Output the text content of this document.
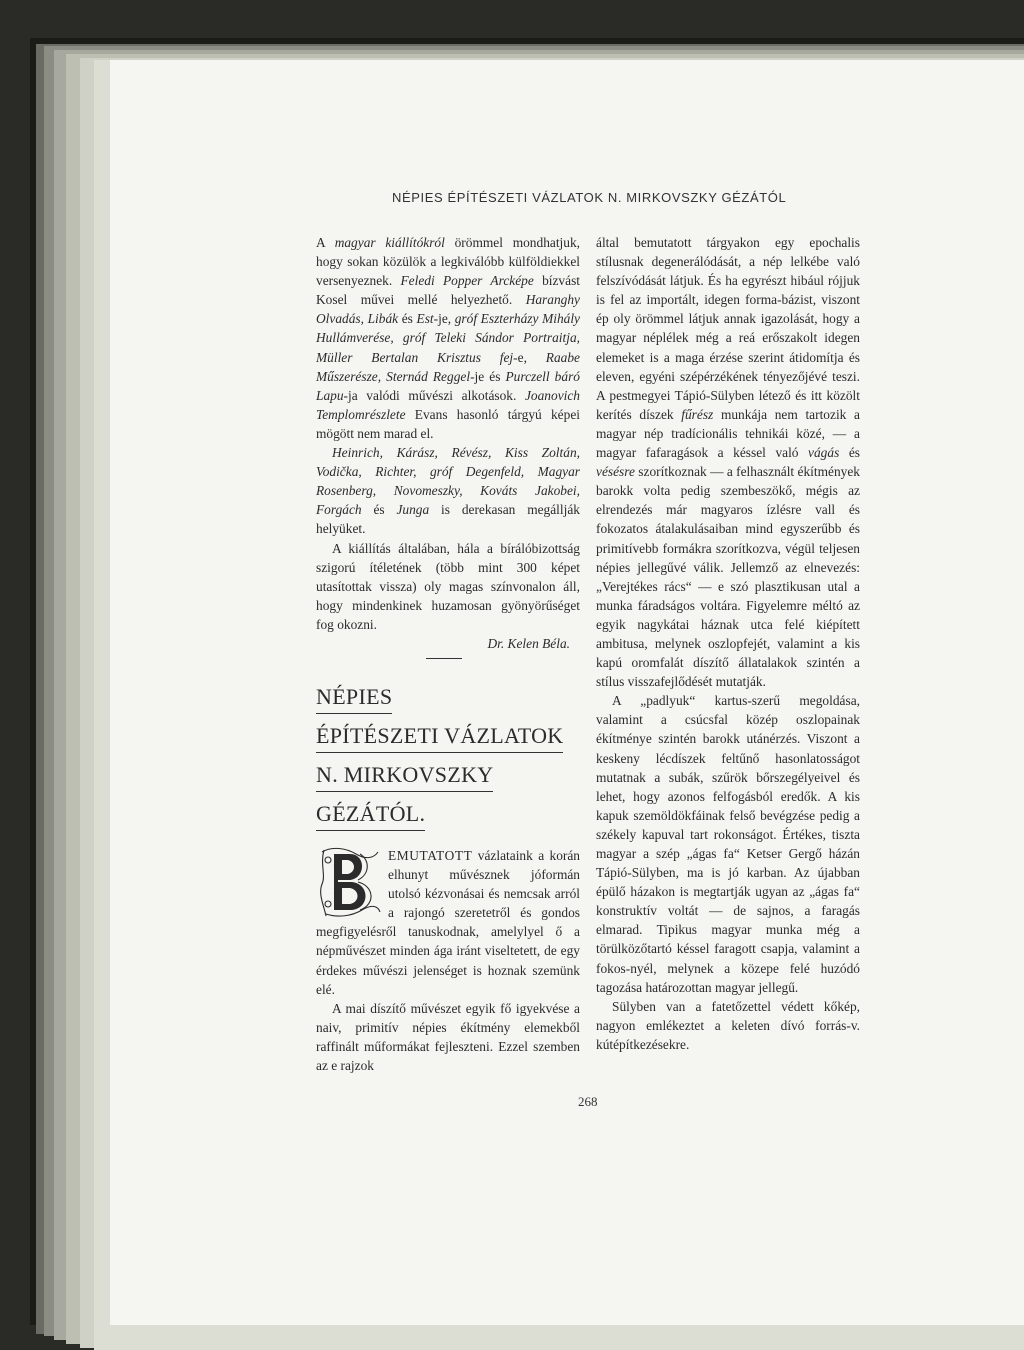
NÉPIES ÉPÍTÉSZETI VÁZLATOK N. MIRKOVSZKY GÉZÁTÓL

A magyar kiállítókról örömmel mondhatjuk, hogy sokan közülök a legkiválóbb külföldiekkel versenyeznek. Feledi Popper Arcképe bízvást Kosel művei mellé helyezhető. Haranghy Olvadás, Libák és Est-je, gróf Eszterházy Mihály Hullámverése, gróf Teleki Sándor Portraitja, Müller Bertalan Krisztus fej-e, Raabe Műszerésze, Sternád Reggel-je és Purczell báró Lapu-ja valódi művészi alkotások. Joanovich Templomrészlete Evans hasonló tárgyú képei mögött nem marad el.

Heinrich, Kárász, Révész, Kiss Zoltán, Vodička, Richter, gróf Degenfeld, Magyar Rosenberg, Novomeszky, Kováts Jakobei, Forgách és Junga is derekasan megállják helyüket.

A kiállítás általában, hála a bírálóbizottság szigorú ítéletének (több mint 300 képet utasítottak vissza) oly magas színvonalon áll, hogy mindenkinek huzamosan gyönyörűséget fog okozni.

Dr. Kelen Béla.

NÉPIES
ÉPÍTÉSZETI VÁZLATOK
N. MIRKOVSZKY
GÉZÁTÓL.

EMUTATOTT vázlataink a korán elhunyt művésznek jóformán utolsó kézvonásai és nemcsak arról a rajongó szeretetről és gondos megfigyelésről tanuskodnak, amelylyel ő a népművészet minden ága iránt viseltetett, de egy érdekes művészi jelenséget is hoznak szemünk elé.

A mai díszítő művészet egyik fő igyekvése a naiv, primitív népies ékítmény elemekből raffinált műformákat fejleszteni. Ezzel szemben az e rajzok

által bemutatott tárgyakon egy epochalis stílusnak degenerálódását, a nép lelkébe való felszívódását látjuk. És ha egyrészt hibául rójjuk is fel az importált, idegen forma-bázist, viszont ép oly örömmel látjuk annak igazolását, hogy a magyar néplélek még a reá erőszakolt idegen elemeket is a maga érzése szerint átidomítja és eleven, egyéni szépérzékének tényezőjévé teszi. A pestmegyei Tápió-Sülyben létező és itt közölt kerítés díszek fűrész munkája nem tartozik a magyar nép tradícionális tehnikái közé, — a magyar fafaragások a késsel való vágás és vésésre szorítkoznak — a felhasznált ékítmények barokk volta pedig szembeszökő, mégis az elrendezés már magyaros ízlésre vall és fokozatos átalakulásaiban mind egyszerűbb és primitívebb formákra szorítkozva, végül teljesen népies jellegűvé válik. Jellemző az elnevezés: „Verejtékes rács“ — e szó plasztikusan utal a munka fáradságos voltára. Figyelemre méltó az egyik nagykátai háznak utca felé kiépített ambitusa, melynek oszlopfejét, valamint a kis kapú oromfalát díszítő állatalakok szintén a stílus visszafejlődését mutatják.

A „padlyuk“ kartus-szerű megoldása, valamint a csúcsfal közép oszlopainak ékítménye szintén barokk utánérzés. Viszont a keskeny lécdíszek feltűnő hasonlatosságot mutatnak a subák, szűrök bőrszegélyeivel és lehet, hogy azonos felfogásból eredők. A kis kapuk szemöldökfáinak felső bevégzése pedig a székely kapuval tart rokonságot. Értékes, tiszta magyar a szép „ágas fa“ Ketser Gergő házán Tápió-Sülyben, ma is jó karban. Az újabban épülő házakon is megtartják ugyan az „ágas fa“ konstruktív voltát — de sajnos, a faragás elmarad. Tipikus magyar munka még a törülközőtartó késsel faragott csapja, valamint a fokos-nyél, melynek a közepe felé huzódó tagozása határozottan magyar jellegű.

Sülyben van a fatetőzettel védett kőkép, nagyon emlékeztet a keleten dívó forrás-v. kútépítkezésekre.

268
